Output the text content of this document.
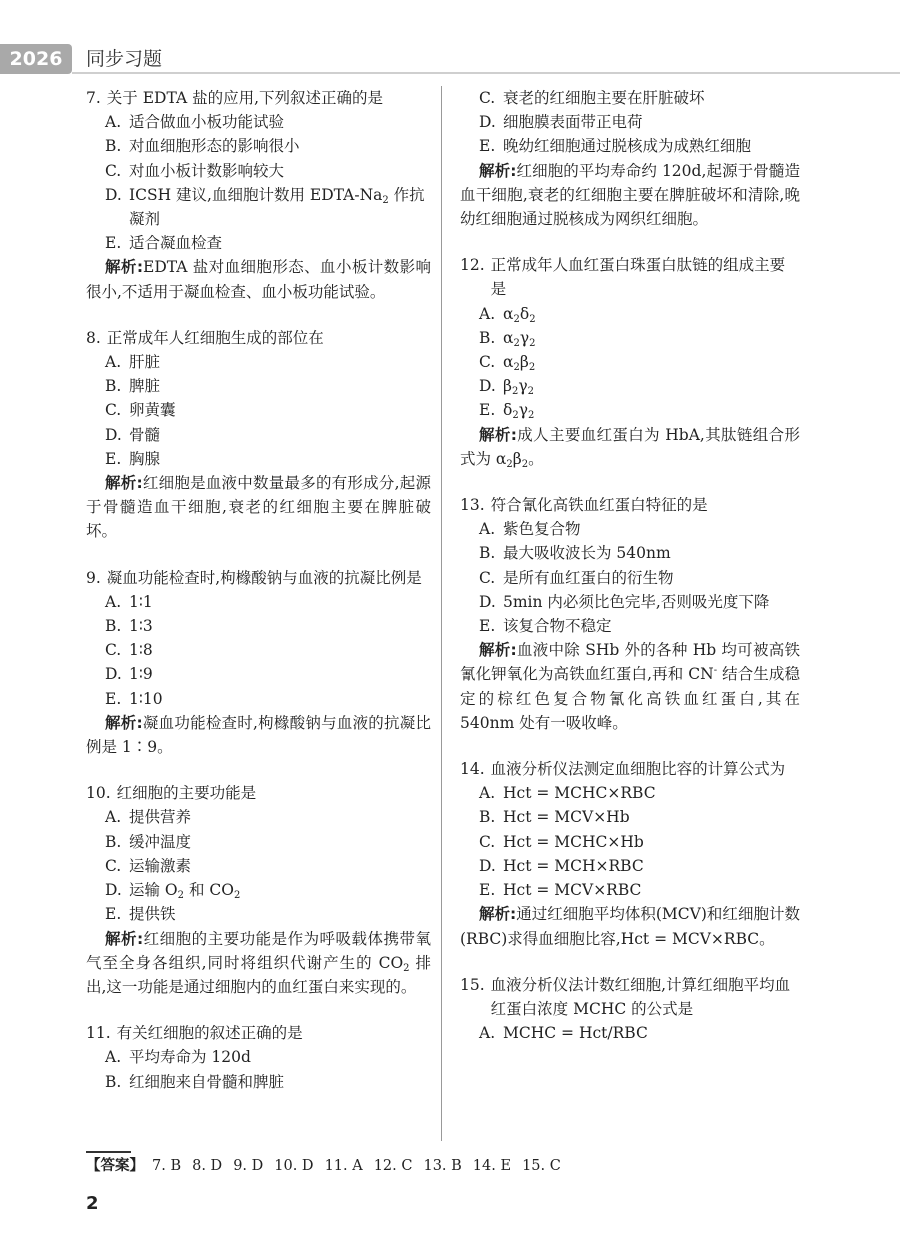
2026	同步习题
7. 关于 EDTA 盐的应用,下列叙述正确的是
A. 适合做血小板功能试验
B. 对血细胞形态的影响很小
C. 对血小板计数影响较大
D. ICSH 建议,血细胞计数用 EDTA-$Na_2$ 作抗凝剂
E. 适合凝血检查
解析:EDTA 盐对血细胞形态、血小板计数影响很小,不适用于凝血检查、血小板功能试验。
8. 正常成年人红细胞生成的部位在
A. 肝脏
B. 脾脏
C. 卵黄囊
D. 骨髓
E. 胸腺
解析:红细胞是血液中数量最多的有形成分,起源于骨髓造血干细胞,衰老的红细胞主要在脾脏破坏。
9. 凝血功能检查时,枸橼酸钠与血液的抗凝比例是
A. 1∶1
B. 1∶3
C. 1∶8
D. 1∶9
E. 1∶10
解析:凝血功能检查时,枸橼酸钠与血液的抗凝比例是 1∶9。
10. 红细胞的主要功能是
A. 提供营养
B. 缓冲温度
C. 运输激素
D. 运输 $O_2$ 和 $CO_2$
E. 提供铁
解析:红细胞的主要功能是作为呼吸载体携带氧气至全身各组织,同时将组织代谢产生的 $CO_2$ 排出,这一功能是通过细胞内的血红蛋白来实现的。
11. 有关红细胞的叙述正确的是
A. 平均寿命为 120d
B. 红细胞来自骨髓和脾脏
C. 衰老的红细胞主要在肝脏破坏
D. 细胞膜表面带正电荷
E. 晚幼红细胞通过脱核成为成熟红细胞
解析:红细胞的平均寿命约 120d,起源于骨髓造血干细胞,衰老的红细胞主要在脾脏破坏和清除,晚幼红细胞通过脱核成为网织红细胞。
12. 正常成年人血红蛋白珠蛋白肽链的组成主要是
A. $\alpha_2\delta_2$
B. $\alpha_2\gamma_2$
C. $\alpha_2\beta_2$
D. $\beta_2\gamma_2$
E. $\delta_2\gamma_2$
解析:成人主要血红蛋白为 HbA,其肽链组合形式为 $\alpha_2\beta_2$。
13. 符合氰化高铁血红蛋白特征的是
A. 紫色复合物
B. 最大吸收波长为 540nm
C. 是所有血红蛋白的衍生物
D. 5min 内必须比色完毕,否则吸光度下降
E. 该复合物不稳定
解析:血液中除 SHb 外的各种 Hb 均可被高铁氰化钾氧化为高铁血红蛋白,再和 CN- 结合生成稳定的棕红色复合物氰化高铁血红蛋白,其在 540nm 处有一吸收峰。
14. 血液分析仪法测定血细胞比容的计算公式为
A. Hct = MCHC×RBC
B. Hct = MCV×Hb
C. Hct = MCHC×Hb
D. Hct = MCH×RBC
E. Hct = MCV×RBC
解析:通过红细胞平均体积(MCV)和红细胞计数(RBC)求得血细胞比容,Hct = MCV×RBC。
15. 血液分析仪法计数红细胞,计算红细胞平均血红蛋白浓度 MCHC 的公式是
A. MCHC = Hct/RBC
【答案】 7. B 8. D 9. D 10. D 11. A 12. C 13. B 14. E 15. C
2
